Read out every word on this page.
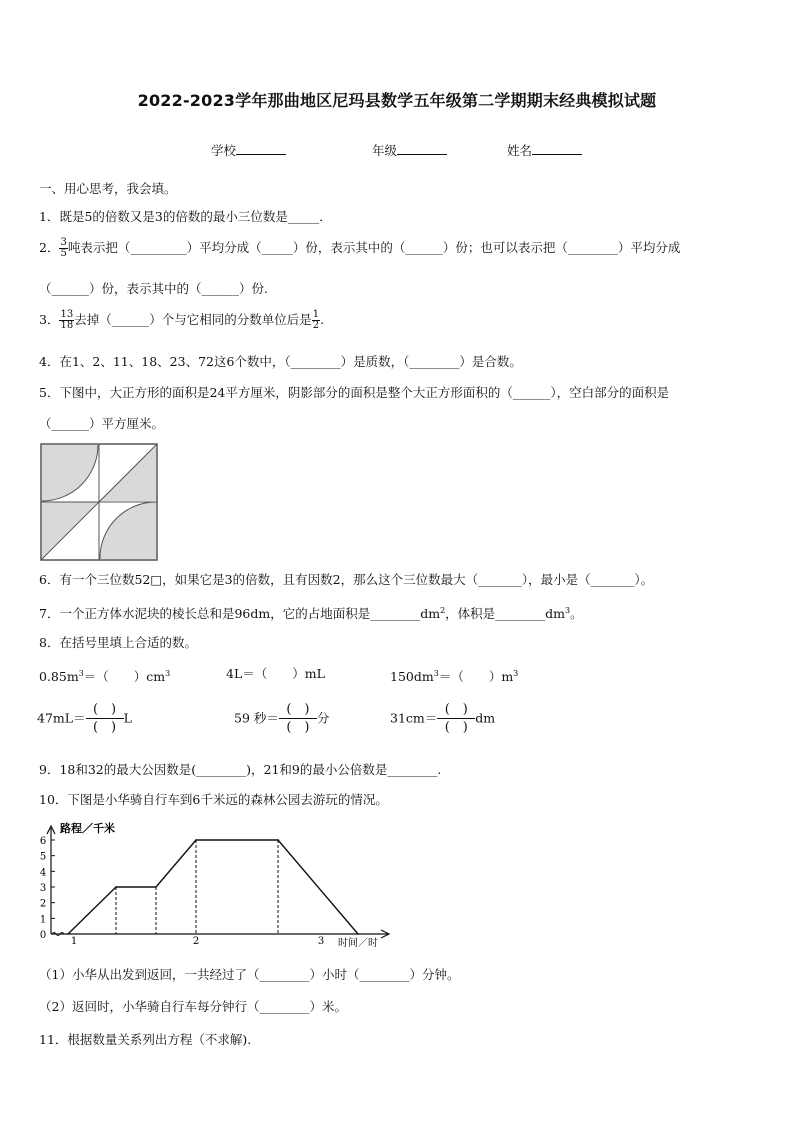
2022-2023学年那曲地区尼玛县数学五年级第二学期期末经典模拟试题
学校	年级	姓名
一、用心思考，我会填。
1．既是5的倍数又是3的倍数的最小三位数是_____．
2． $\frac{3}{5}$ 吨表示把（_________）平均分成（_____）份，表示其中的（______）份；也可以表示把（________）平均分成
（______）份，表示其中的（______）份.
3． $\frac{13}{18}$ 去掉（______）个与它相同的分数单位后是 $\frac{1}{2}$ .
4．在1、2、11、18、23、72这6个数中，（________）是质数，（________）是合数。
5．下图中，大正方形的面积是24平方厘米，阴影部分的面积是整个大正方形面积的（______），空白部分的面积是
（______）平方厘米。
6．有一个三位数52□，如果它是3的倍数，且有因数2，那么这个三位数最大（_______），最小是（_______）。
7．一个正方体水泥块的棱长总和是96dm，它的占地面积是$\_\_\_\_\_\_\_\_dm^2$，体积是$\_\_\_\_\_\_\_\_dm^3$。
8．在括号里填上合适的数。
$0.85m^3=$（　　）$cm^3$	4L＝（　　）mL	$150dm^3=$（　　）$m^3$
$47mL= \frac{( )}{( )}$ L	59 秒＝ $\frac{( )}{( )}$ 分	$31cm= \frac{( )}{( )}$ dm
9．18和32的最大公因数是(________)，21和9的最小公倍数是________.
10．下图是小华骑自行车到6千米远的森林公园去游玩的情况。
路程／千米
时间／时
0
1
2
3
4
5
6
1	2	3
（1）小华从出发到返回，一共经过了（________）小时（________）分钟。
（2）返回时，小华骑自行车每分钟行（________）米。
11．根据数量关系列出方程（不求解).
